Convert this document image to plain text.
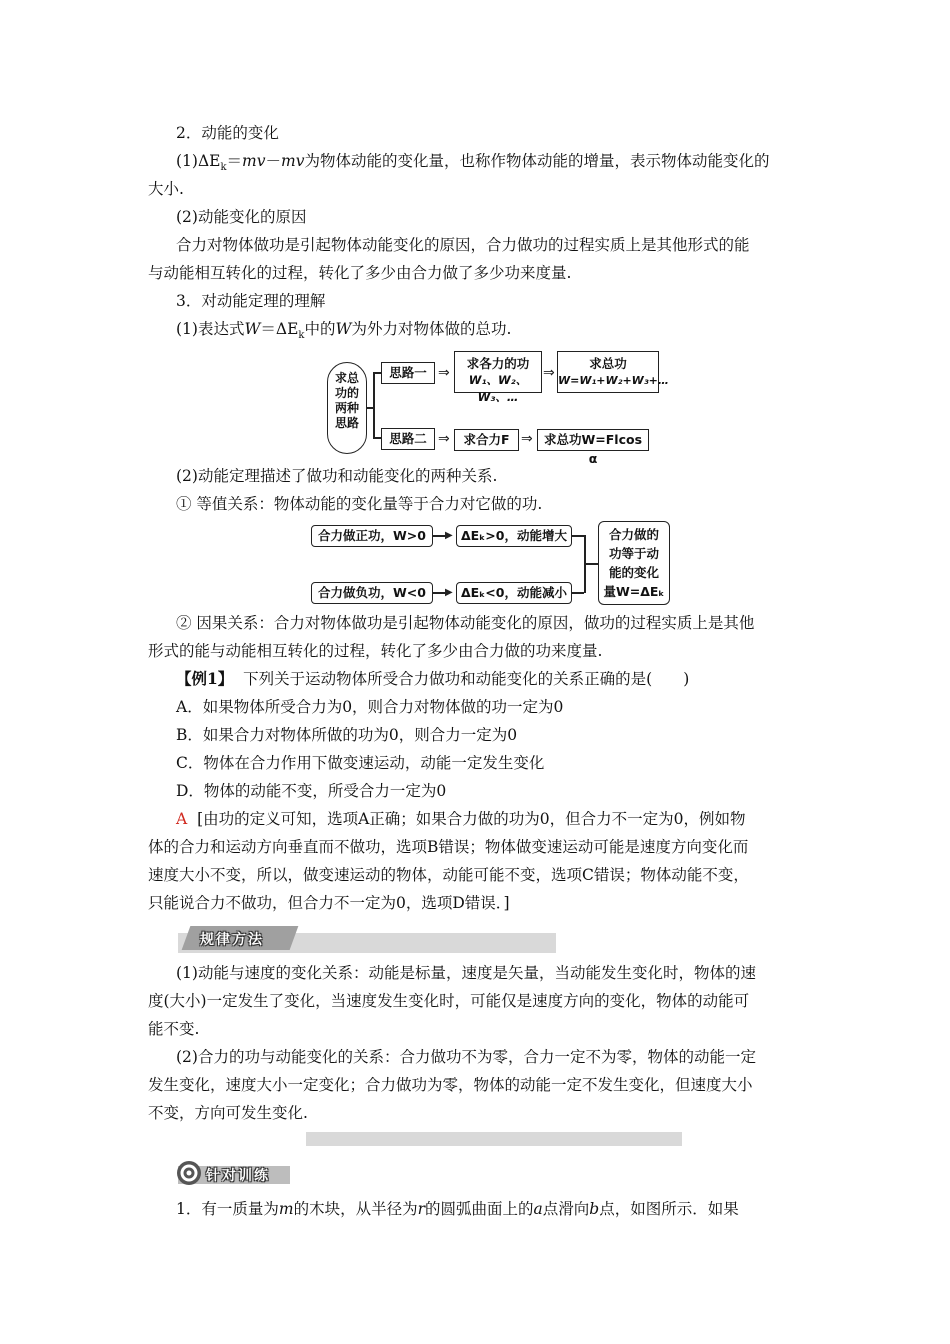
2．动能的变化
$(1)\Delta E_k=mv-mv$为物体动能的变化量，也称作物体动能的增量，表示物体动能变化的
大小.
(2)动能变化的原因
合力对物体做功是引起物体动能变化的原因，合力做功的过程实质上是其他形式的能
与动能相互转化的过程，转化了多少由合力做了多少功来度量.
3．对动能定理的理解
(1)表达式$W=\Delta E_k$中的W为外力对物体做的总功.
求总
功的
两种
思路
思路一
思路二
⇒
⇒
求各力的功
W₁、W₂、W₃、…
⇒
求总功
W=W₁+W₂+W₃+…
求合力F ⇒ 求总功W=Flcos α
(2)动能定理描述了做功和动能变化的两种关系.
① 等值关系：物体动能的变化量等于合力对它做的功.
合力做正功，W>0	▶ ΔEₖ>0，动能增大
合力做负功，W<0	▶ ΔEₖ<0，动能减小
合力做的
功等于动
能的变化
量W=ΔEₖ
② 因果关系：合力对物体做功是引起物体动能变化的原因，做功的过程实质上是其他
形式的能与动能相互转化的过程，转化了多少由合力做的功来度量.
【例1】 下列关于运动物体所受合力做功和动能变化的关系正确的是(　　)
A．如果物体所受合力为0，则合力对物体做的功一定为0
B．如果合力对物体所做的功为0，则合力一定为0
C．物体在合力作用下做变速运动，动能一定发生变化
D．物体的动能不变，所受合力一定为0
A [由功的定义可知，选项A正确；如果合力做的功为0，但合力不一定为0，例如物
体的合力和运动方向垂直而不做功，选项B错误；物体做变速运动可能是速度方向变化而
速度大小不变，所以，做变速运动的物体，动能可能不变，选项C错误；物体动能不变，
只能说合力不做功，但合力不一定为0，选项D错误．]
规律方法
(1)动能与速度的变化关系：动能是标量，速度是矢量，当动能发生变化时，物体的速
度(大小)一定发生了变化，当速度发生变化时，可能仅是速度方向的变化，物体的动能可
能不变.
(2)合力的功与动能变化的关系：合力做功不为零，合力一定不为零，物体的动能一定
发生变化，速度大小一定变化；合力做功为零，物体的动能一定不发生变化，但速度大小
不变，方向可发生变化.
针对训练
1．有一质量为m的木块，从半径为r的圆弧曲面上的a点滑向b点，如图所示．如果
